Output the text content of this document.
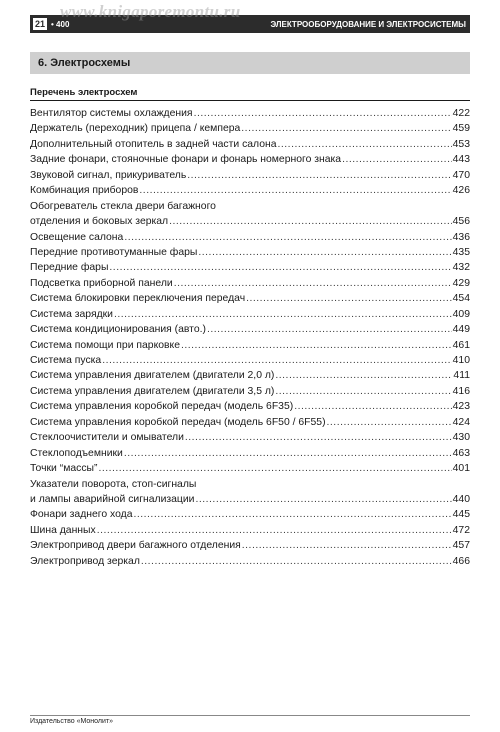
21 • 400	ЭЛЕКТРООБОРУДОВАНИЕ И ЭЛЕКТРОСИСТЕМЫ
www.knigaporemontu.ru
6. Электросхемы
Перечень электросхем
Вентилятор системы охлаждения .....	422
Держатель (переходник) прицепа / кемпера .....	459
Дополнительный отопитель в задней части салона .....	453
Задние фонари, стояночные фонари и фонарь номерного знака .....	443
Звуковой сигнал, прикуриватель .....	470
Комбинация приборов .....	426
Обогреватель стекла двери багажного
отделения и боковых зеркал .....	456
Освещение салона .....	436
Передние противотуманные фары .....	435
Передние фары .....	432
Подсветка приборной панели .....	429
Система блокировки переключения передач .....	454
Система зарядки .....	409
Система кондиционирования (авто.) .....	449
Система помощи при парковке .....	461
Система пуска .....	410
Система управления двигателем (двигатели 2,0 л) .....	411
Система управления двигателем (двигатели 3,5 л) .....	416
Система управления коробкой передач (модель 6F35) .....	423
Система управления коробкой передач (модель 6F50 / 6F55) .....	424
Стеклоочистители и омыватели .....	430
Стеклоподъемники .....	463
Точки “массы” .....	401
Указатели поворота, стоп-сигналы
и лампы аварийной сигнализации .....	440
Фонари заднего хода .....	445
Шина данных .....	472
Электропривод двери багажного отделения .....	457
Электропривод зеркал .....	466
Издательство «Монолит»
